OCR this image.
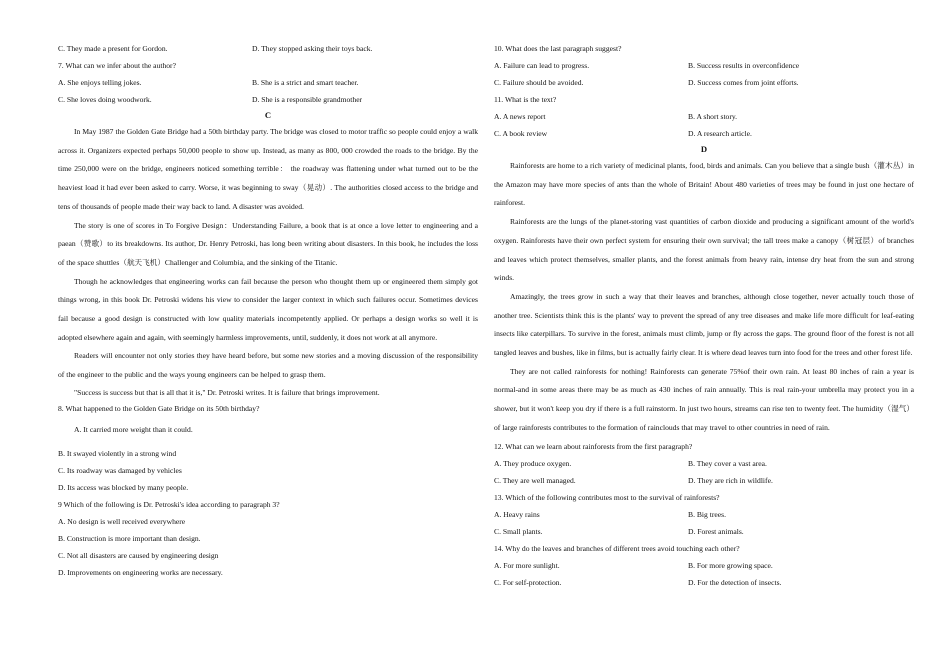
C. They made a present for Gordon.	D. They stopped asking their toys back.
7. What can we infer about the author?
A. She enjoys telling jokes.	B. She is a strict and smart teacher.
C. She loves doing woodwork.	D. She is a responsible grandmother
C

In May 1987 the Golden Gate Bridge had a 50th birthday party. The bridge was closed to motor traffic so people could enjoy a walk across it. Organizers expected perhaps 50,000 people to show up. Instead, as many as 800, 000 crowded the roads to the bridge. By the time 250,000 were on the bridge, engineers noticed something terrible： the roadway was flattening under what turned out to be the heaviest load it had ever been asked to carry. Worse, it was beginning to sway（晃动）. The authorities closed access to the bridge and tens of thousands of people made their way back to land. A disaster was avoided.

The story is one of scores in To Forgive Design：Understanding Failure, a book that is at once a love letter to engineering and a paean（赞歌）to its breakdowns. Its author, Dr. Henry Petroski, has long been writing about disasters. In this book, he includes the loss of the space shuttles（航天飞机）Challenger and Columbia, and the sinking of the Titanic.

Though he acknowledges that engineering works can fail because the person who thought them up or engineered them simply got things wrong, in this book Dr. Petroski widens his view to consider the larger context in which such failures occur. Sometimes devices fail because a good design is constructed with low quality materials incompetently applied. Or perhaps a design works so well it is adopted elsewhere again and again, with seemingly harmless improvements, until, suddenly, it does not work at all anymore.

Readers will encounter not only stories they have heard before, but some new stories and a moving discussion of the responsibility of the engineer to the public and the ways young engineers can be helped to grasp them.

"Success is success but that is all that it is," Dr. Petroski writes. It is failure that brings improvement.

8. What happened to the Golden Gate Bridge on its 50th birthday?
A. It carried more weight than it could.
B. It swayed violently in a strong wind
C. Its roadway was damaged by vehicles
D. Its access was blocked by many people.
9 Which of the following is Dr. Petroski's idea according to paragraph 3?
A. No design is well received everywhere
B. Construction is more important than design.
C. Not all disasters are caused by engineering design
D. Improvements on engineering works are necessary.
10. What does the last paragraph suggest?
A. Failure can lead to progress.	B. Success results in overconfidence
C. Failure should be avoided.	D. Success comes from joint efforts.
11. What is the text?
A. A news report	B. A short story.
C. A book review	D. A research article.
D

Rainforests are home to a rich variety of medicinal plants, food, birds and animals. Can you believe that a single bush（灌木丛）in the Amazon may have more species of ants than the whole of Britain! About 480 varieties of trees may be found in just one hectare of rainforest.

Rainforests are the lungs of the planet-storing vast quantities of carbon dioxide and producing a significant amount of the world's oxygen. Rainforests have their own perfect system for ensuring their own survival; the tall trees make a canopy（树冠层）of branches and leaves which protect themselves, smaller plants, and the forest animals from heavy rain, intense dry heat from the sun and strong winds.

Amazingly, the trees grow in such a way that their leaves and branches, although close together, never actually touch those of another tree. Scientists think this is the plants' way to prevent the spread of any tree diseases and make life more difficult for leaf-eating insects like caterpillars. To survive in the forest, animals must climb, jump or fly across the gaps. The ground floor of the forest is not all tangled leaves and bushes, like in films, but is actually fairly clear. It is where dead leaves turn into food for the trees and other forest life.

They are not called rainforests for nothing! Rainforests can generate 75%of their own rain. At least 80 inches of rain a year is normal-and in some areas there may be as much as 430 inches of rain annually. This is real rain-your umbrella may protect you in a shower, but it won't keep you dry if there is a full rainstorm. In just two hours, streams can rise ten to twenty feet. The humidity（湿气）of large rainforests contributes to the formation of rainclouds that may travel to other countries in need of rain.

12. What can we learn about rainforests from the first paragraph?
A. They produce oxygen.	B. They cover a vast area.
C. They are well managed.	D. They are rich in wildlife.
13. Which of the following contributes most to the survival of rainforests?
A. Heavy rains	B. Big trees.
C. Small plants.	D. Forest animals.
14. Why do the leaves and branches of different trees avoid touching each other?
A. For more sunlight.	B. For more growing space.
C. For self-protection.	D. For the detection of insects.
